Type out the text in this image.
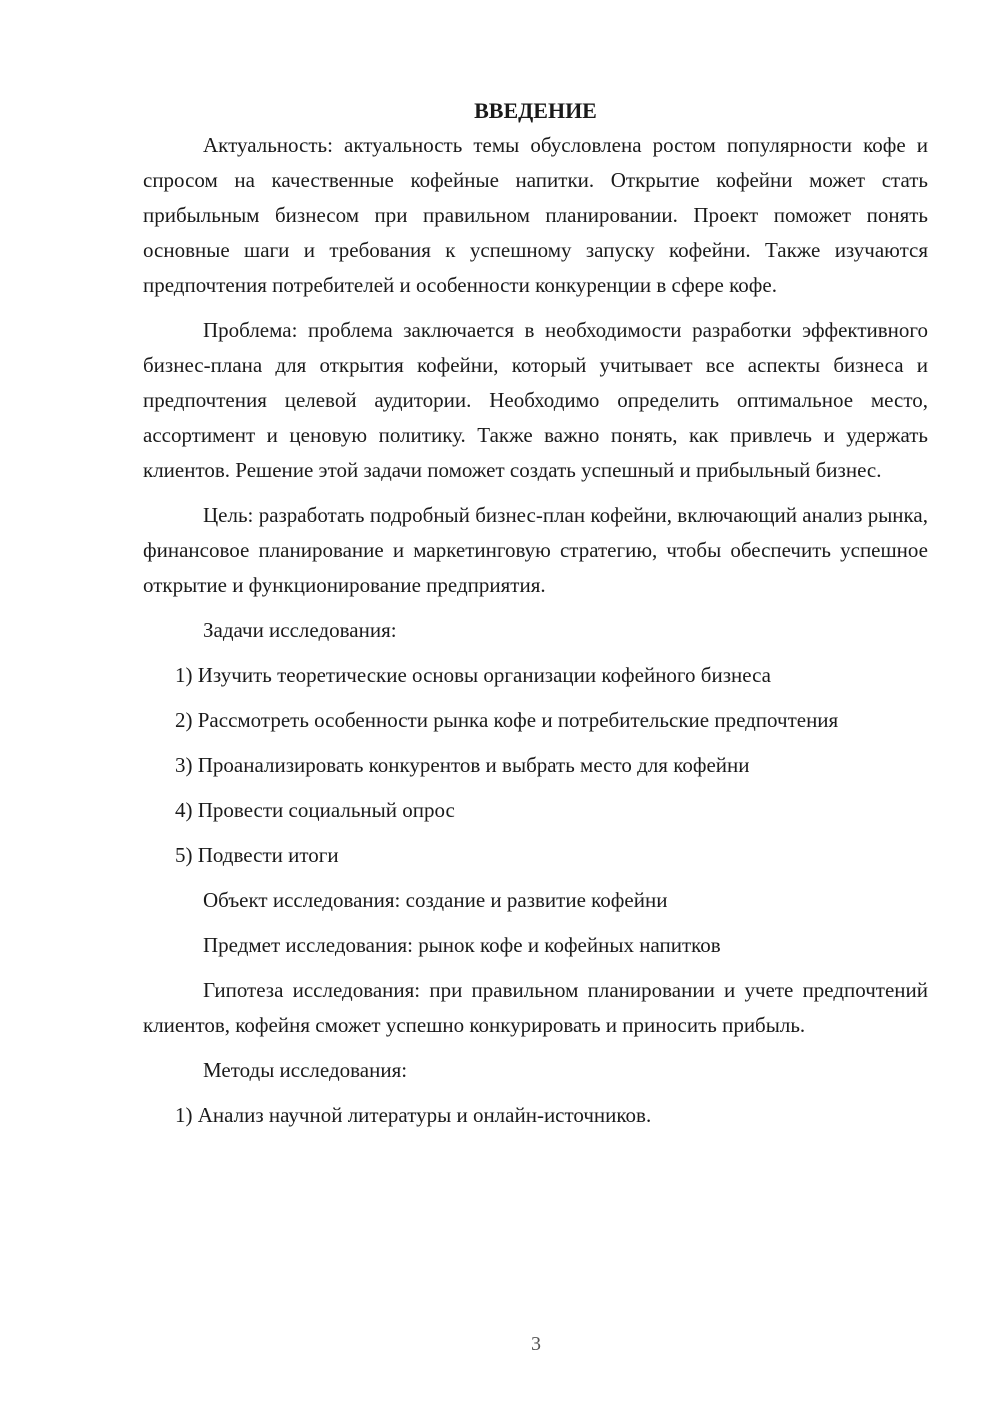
ВВЕДЕНИЕ

Актуальность: актуальность темы обусловлена ростом популярности кофе и спросом на качественные кофейные напитки. Открытие кофейни может стать прибыльным бизнесом при правильном планировании. Проект поможет понять основные шаги и требования к успешному запуску кофейни. Также изучаются предпочтения потребителей и особенности конкуренции в сфере кофе.

Проблема: проблема заключается в необходимости разработки эффективного бизнес-плана для открытия кофейни, который учитывает все аспекты бизнеса и предпочтения целевой аудитории. Необходимо определить оптимальное место, ассортимент и ценовую политику. Также важно понять, как привлечь и удержать клиентов. Решение этой задачи поможет создать успешный и прибыльный бизнес.

Цель: разработать подробный бизнес-план кофейни, включающий анализ рынка, финансовое планирование и маркетинговую стратегию, чтобы обеспечить успешное открытие и функционирование предприятия.

Задачи исследования:

1) Изучить теоретические основы организации кофейного бизнеса

2) Рассмотреть особенности рынка кофе и потребительские предпочтения

3) Проанализировать конкурентов и выбрать место для кофейни

4) Провести социальный опрос

5) Подвести итоги

Объект исследования: создание и развитие кофейни

Предмет исследования: рынок кофе и кофейных напитков

Гипотеза исследования: при правильном планировании и учете предпочтений клиентов, кофейня сможет успешно конкурировать и приносить прибыль.

Методы исследования:

1) Анализ научной литературы и онлайн-источников.

3
